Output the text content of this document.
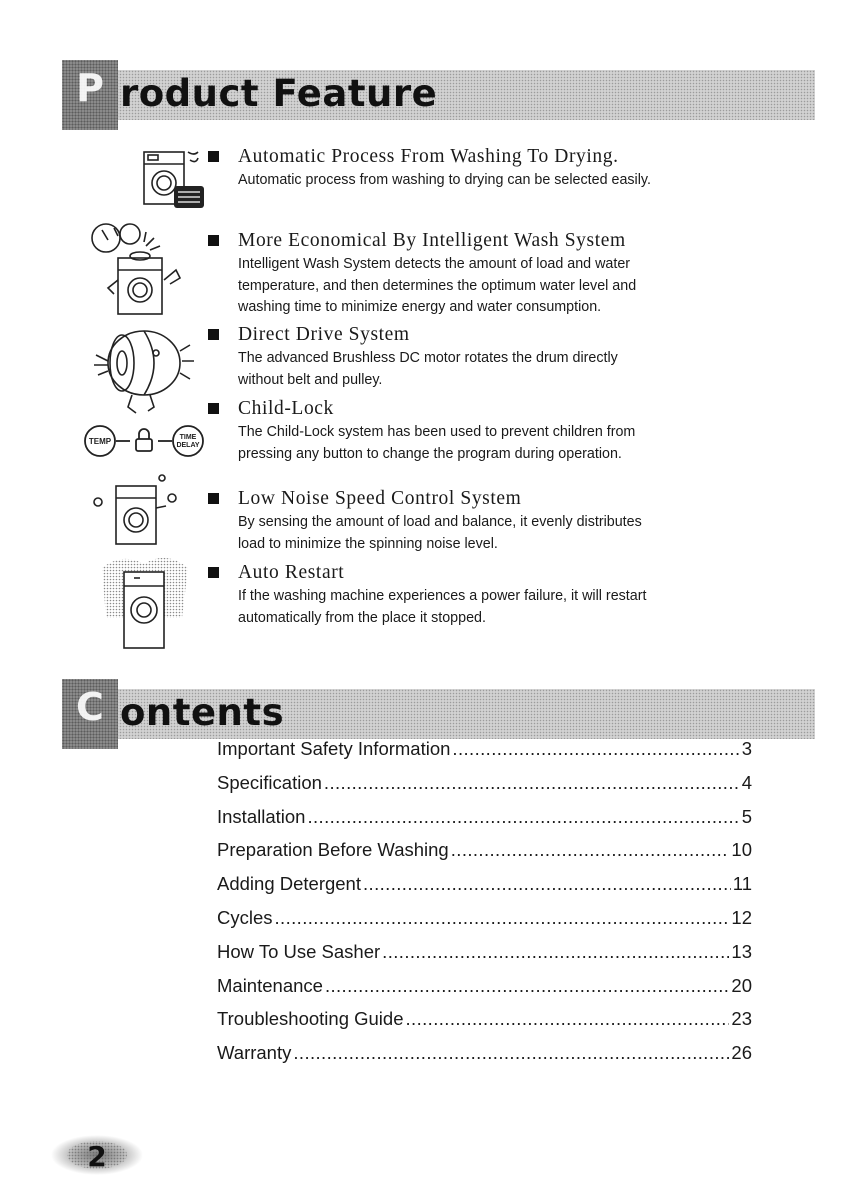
P roduct Feature
TEMP	TIME
DELAY
Automatic Process From Washing To Drying.
Automatic process from washing to drying can be selected easily.
More Economical By Intelligent Wash System
Intelligent Wash System detects the amount of load and water
temperature, and then determines the optimum water level and
washing time to minimize energy and water consumption.
Direct Drive System
The advanced Brushless DC motor rotates the drum directly
without belt and pulley.
Child-Lock
The Child-Lock system has been used to prevent children from
pressing any button to change the program during operation.
Low Noise Speed Control System
By sensing the amount of load and balance, it evenly distributes
load to minimize the spinning noise level.
Auto Restart
If the washing machine experiences a power failure, it will restart
automatically from the place it stopped.
C ontents
Important Safety Information .....	3
Specification .....	4
Installation .....	5
Preparation Before Washing .....	10
Adding Detergent .....	11
Cycles .....	12
How To Use Sasher .....	13
Maintenance .....	20
Troubleshooting Guide .....	23
Warranty .....	26
2
